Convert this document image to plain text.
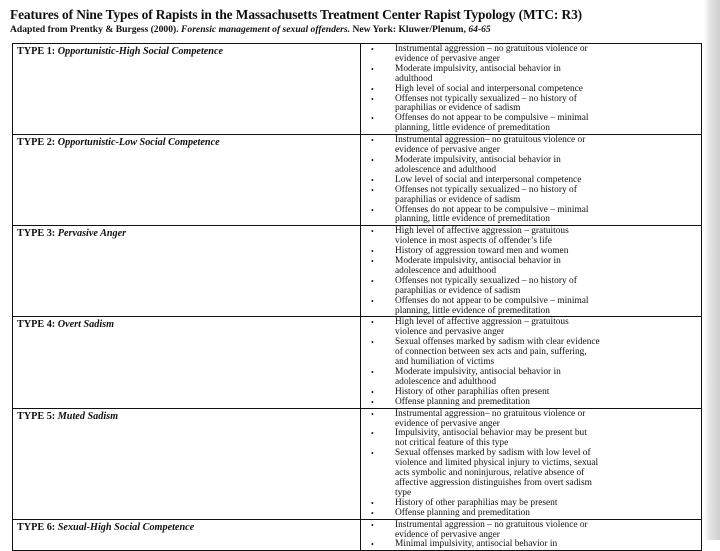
Features of Nine Types of Rapists in the Massachusetts Treatment Center Rapist Typology (MTC: R3)
Adapted from Prentky & Burgess (2000). Forensic management of sexual offenders. New York: Kluwer/Plenum, 64-65
TYPE 1: Opportunistic-High Social Competence	•	Instrumental aggression – no gratuitous violence or
evidence of pervasive anger
•	Moderate impulsivity, antisocial behavior in
adulthood
•	High level of social and interpersonal competence
•	Offenses not typically sexualized – no history of
paraphilias or evidence of sadism
•	Offenses do not appear to be compulsive – minimal
planning, little evidence of premeditation
TYPE 2: Opportunistic-Low Social Competence	•	Instrumental aggression– no gratuitous violence or
evidence of pervasive anger
•	Moderate impulsivity, antisocial behavior in
adolescence and adulthood
•	Low level of social and interpersonal competence
•	Offenses not typically sexualized – no history of
paraphilias or evidence of sadism
•	Offenses do not appear to be compulsive – minimal
planning, little evidence of premeditation
TYPE 3: Pervasive Anger	•	High level of affective aggression – gratuitous
violence in most aspects of offender’s life
•	History of aggression toward men and women
•	Moderate impulsivity, antisocial behavior in
adolescence and adulthood
•	Offenses not typically sexualized – no history of
paraphilias or evidence of sadism
•	Offenses do not appear to be compulsive – minimal
planning, little evidence of premeditation
TYPE 4: Overt Sadism	•	High level of affective aggression – gratuitous
violence and pervasive anger
•	Sexual offenses marked by sadism with clear evidence
of connection between sex acts and pain, suffering,
and humiliation of victims
•	Moderate impulsivity, antisocial behavior in
adolescence and adulthood
•	History of other paraphilias often present
•	Offense planning and premeditation
TYPE 5: Muted Sadism	•	Instrumental aggression– no gratuitous violence or
evidence of pervasive anger
•	Impulsivity, antisocial behavior may be present but
not critical feature of this type
•	Sexual offenses marked by sadism with low level of
violence and limited physical injury to victims, sexual
acts symbolic and noninjurous, relative absence of
affective aggression distinguishes from overt sadism
type
•	History of other paraphilias may be present
•	Offense planning and premeditation
TYPE 6: Sexual-High Social Competence	•	Instrumental aggression – no gratuitous violence or
evidence of pervasive anger
•	Minimal impulsivity, antisocial behavior in
